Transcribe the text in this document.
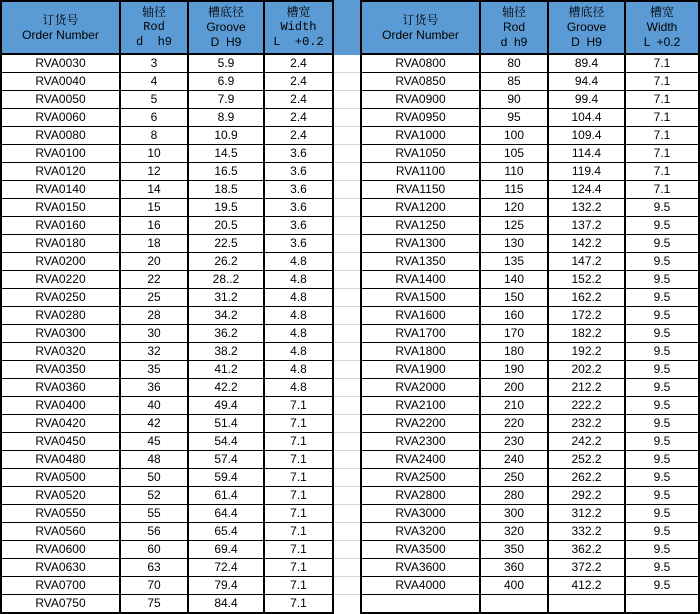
订货号
Order Number	轴径
Rod
d  h9	槽底径
Groove
D  H9	槽宽
Width
L  +0.2

RVA0030	3	5.9	2.4
RVA0040	4	6.9	2.4
RVA0050	5	7.9	2.4
RVA0060	6	8.9	2.4
RVA0080	8	10.9	2.4
RVA0100	10	14.5	3.6
RVA0120	12	16.5	3.6
RVA0140	14	18.5	3.6
RVA0150	15	19.5	3.6
RVA0160	16	20.5	3.6
RVA0180	18	22.5	3.6
RVA0200	20	26.2	4.8
RVA0220	22	28..2	4.8
RVA0250	25	31.2	4.8
RVA0280	28	34.2	4.8
RVA0300	30	36.2	4.8
RVA0320	32	38.2	4.8
RVA0350	35	41.2	4.8
RVA0360	36	42.2	4.8
RVA0400	40	49.4	7.1
RVA0420	42	51.4	7.1
RVA0450	45	54.4	7.1
RVA0480	48	57.4	7.1
RVA0500	50	59.4	7.1
RVA0520	52	61.4	7.1
RVA0550	55	64.4	7.1
RVA0560	56	65.4	7.1
RVA0600	60	69.4	7.1
RVA0630	63	72.4	7.1
RVA0700	70	79.4	7.1
RVA0750	75	84.4	7.1
订货号
Order Number	轴径
Rod
d  h9	槽底径
Groove
D  H9	槽宽
Width
L  +0.2

RVA0800	80	89.4	7.1
RVA0850	85	94.4	7.1
RVA0900	90	99.4	7.1
RVA0950	95	104.4	7.1
RVA1000	100	109.4	7.1
RVA1050	105	114.4	7.1
RVA1100	110	119.4	7.1
RVA1150	115	124.4	7.1
RVA1200	120	132.2	9.5
RVA1250	125	137.2	9.5
RVA1300	130	142.2	9.5
RVA1350	135	147.2	9.5
RVA1400	140	152.2	9.5
RVA1500	150	162.2	9.5
RVA1600	160	172.2	9.5
RVA1700	170	182.2	9.5
RVA1800	180	192.2	9.5
RVA1900	190	202.2	9.5
RVA2000	200	212.2	9.5
RVA2100	210	222.2	9.5
RVA2200	220	232.2	9.5
RVA2300	230	242.2	9.5
RVA2400	240	252.2	9.5
RVA2500	250	262.2	9.5
RVA2800	280	292.2	9.5
RVA3000	300	312.2	9.5
RVA3200	320	332.2	9.5
RVA3500	350	362.2	9.5
RVA3600	360	372.2	9.5
RVA4000	400	412.2	9.5
